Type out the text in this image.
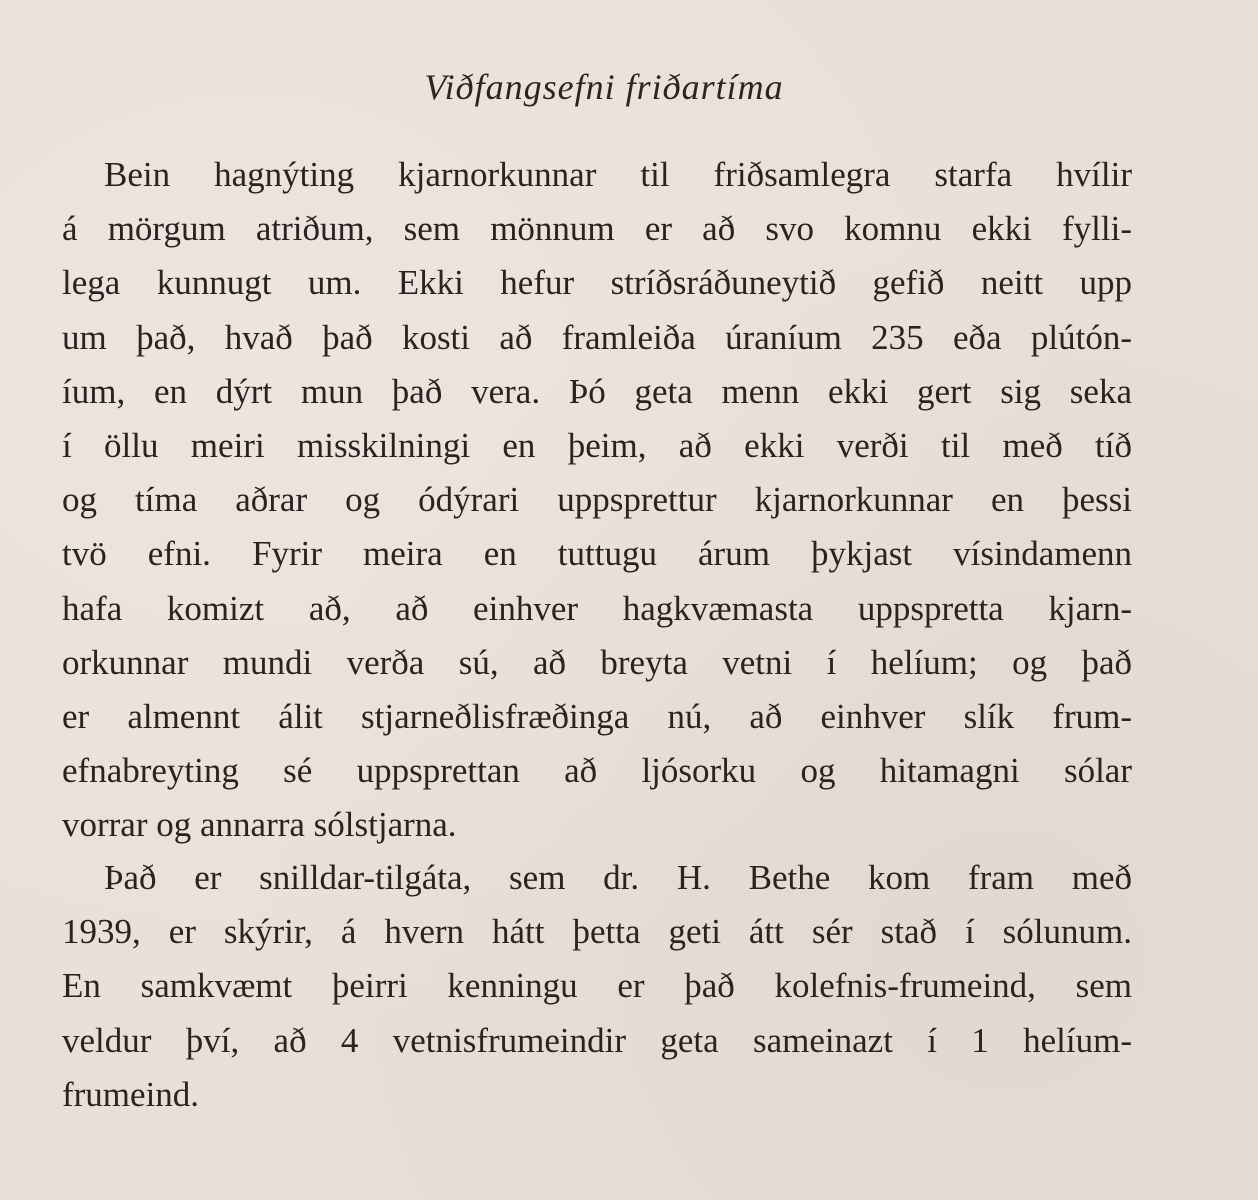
Viðfangsefni friðartíma
Bein hagnýting kjarnorkunnar til friðsamlegra starfa hvílir
á mörgum atriðum, sem mönnum er að svo komnu ekki fylli-
lega kunnugt um. Ekki hefur stríðsráðuneytið gefið neitt upp
um það, hvað það kosti að framleiða úraníum 235 eða plútón-
íum, en dýrt mun það vera. Þó geta menn ekki gert sig seka
í öllu meiri misskilningi en þeim, að ekki verði til með tíð
og tíma aðrar og ódýrari uppsprettur kjarnorkunnar en þessi
tvö efni. Fyrir meira en tuttugu árum þykjast vísindamenn
hafa komizt að, að einhver hagkvæmasta uppspretta kjarn-
orkunnar mundi verða sú, að breyta vetni í helíum; og það
er almennt álit stjarneðlisfræðinga nú, að einhver slík frum-
efnabreyting sé uppsprettan að ljósorku og hitamagni sólar
vorrar og annarra sólstjarna.
Það er snilldar-tilgáta, sem dr. H. Bethe kom fram með
1939, er skýrir, á hvern hátt þetta geti átt sér stað í sólunum.
En samkvæmt þeirri kenningu er það kolefnis-frumeind, sem
veldur því, að 4 vetnisfrumeindir geta sameinazt í 1 helíum-
frumeind.
